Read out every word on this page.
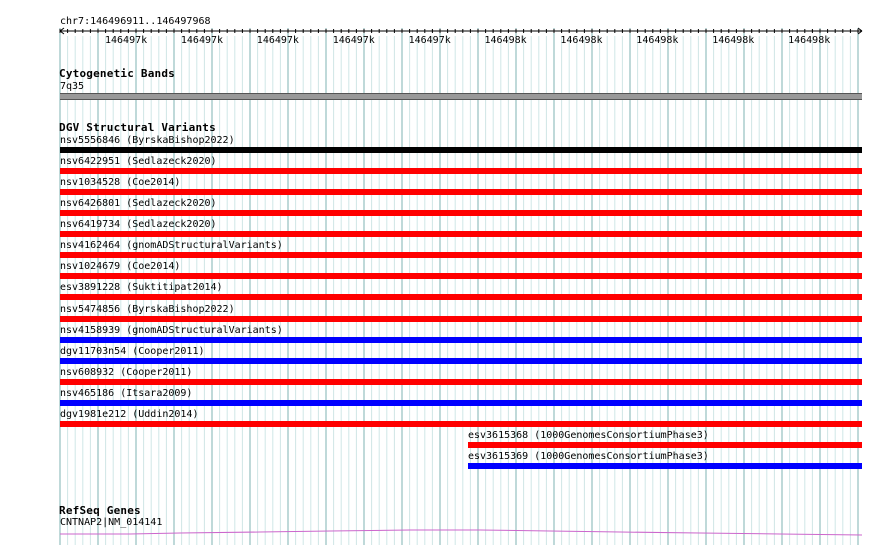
chr7:146496911..146497968
146497k	146497k	146497k	146497k	146497k	146498k	146498k	146498k	146498k	146498k
Cytogenetic Bands
7q35
DGV Structural Variants
nsv5556846 (ByrskaBishop2022)
nsv6422951 (Sedlazeck2020)
nsv1034528 (Coe2014)
nsv6426801 (Sedlazeck2020)
nsv6419734 (Sedlazeck2020)
nsv4162464 (gnomADStructuralVariants)
nsv1024679 (Coe2014)
esv3891228 (Suktitipat2014)
nsv5474856 (ByrskaBishop2022)
nsv4158939 (gnomADStructuralVariants)
dgv11703n54 (Cooper2011)
nsv608932 (Cooper2011)
nsv465186 (Itsara2009)
dgv1981e212 (Uddin2014)
esv3615368 (1000GenomesConsortiumPhase3)
esv3615369 (1000GenomesConsortiumPhase3)
RefSeq Genes
CNTNAP2|NM_014141
